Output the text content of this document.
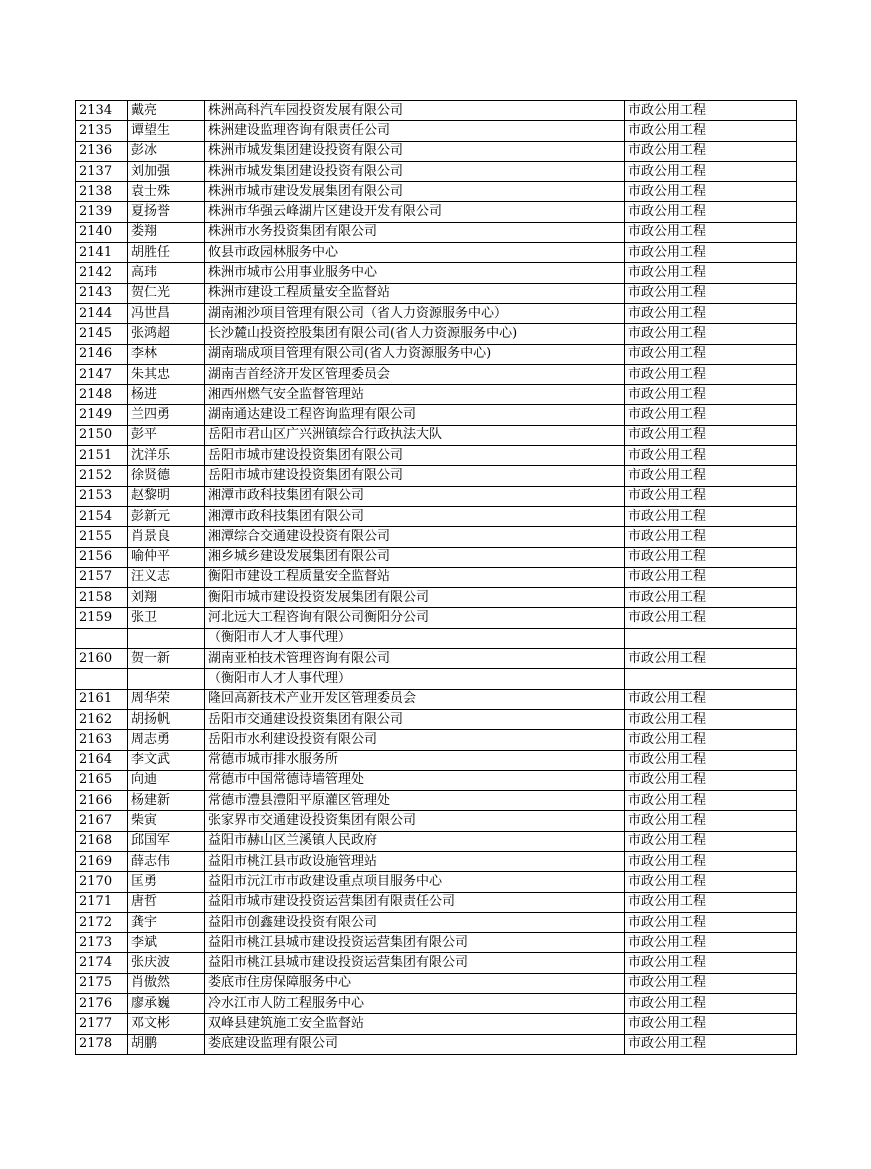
2134	戴亮	株洲高科汽车园投资发展有限公司	市政公用工程
2135	谭望生	株洲建设监理咨询有限责任公司	市政公用工程
2136	彭冰	株洲市城发集团建设投资有限公司	市政公用工程
2137	刘加强	株洲市城发集团建设投资有限公司	市政公用工程
2138	袁士殊	株洲市城市建设发展集团有限公司	市政公用工程
2139	夏扬誉	株洲市华强云峰湖片区建设开发有限公司	市政公用工程
2140	娄翔	株洲市水务投资集团有限公司	市政公用工程
2141	胡胜任	攸县市政园林服务中心	市政公用工程
2142	高玮	株洲市城市公用事业服务中心	市政公用工程
2143	贺仁光	株洲市建设工程质量安全监督站	市政公用工程
2144	冯世昌	湖南湘沙项目管理有限公司（省人力资源服务中心）	市政公用工程
2145	张鸿超	长沙麓山投资控股集团有限公司(省人力资源服务中心)	市政公用工程
2146	李林	湖南瑞成项目管理有限公司(省人力资源服务中心)	市政公用工程
2147	朱其忠	湖南吉首经济开发区管理委员会	市政公用工程
2148	杨进	湘西州燃气安全监督管理站	市政公用工程
2149	兰四勇	湖南通达建设工程咨询监理有限公司	市政公用工程
2150	彭平	岳阳市君山区广兴洲镇综合行政执法大队	市政公用工程
2151	沈洋乐	岳阳市城市建设投资集团有限公司	市政公用工程
2152	徐贤德	岳阳市城市建设投资集团有限公司	市政公用工程
2153	赵黎明	湘潭市政科技集团有限公司	市政公用工程
2154	彭新元	湘潭市政科技集团有限公司	市政公用工程
2155	肖景良	湘潭综合交通建设投资有限公司	市政公用工程
2156	喻仲平	湘乡城乡建设发展集团有限公司	市政公用工程
2157	汪义志	衡阳市建设工程质量安全监督站	市政公用工程
2158	刘翔	衡阳市城市建设投资发展集团有限公司	市政公用工程
2159	张卫	河北远大工程咨询有限公司衡阳分公司	市政公用工程
		（衡阳市人才人事代理）	
2160	贺一新	湖南亚柏技术管理咨询有限公司	市政公用工程
		（衡阳市人才人事代理）	
2161	周华荣	隆回高新技术产业开发区管理委员会	市政公用工程
2162	胡扬帆	岳阳市交通建设投资集团有限公司	市政公用工程
2163	周志勇	岳阳市水利建设投资有限公司	市政公用工程
2164	李文武	常德市城市排水服务所	市政公用工程
2165	向迪	常德市中国常德诗墙管理处	市政公用工程
2166	杨建新	常德市澧县澧阳平原灌区管理处	市政公用工程
2167	柴寅	张家界市交通建设投资集团有限公司	市政公用工程
2168	邱国军	益阳市赫山区兰溪镇人民政府	市政公用工程
2169	薛志伟	益阳市桃江县市政设施管理站	市政公用工程
2170	匡勇	益阳市沅江市市政建设重点项目服务中心	市政公用工程
2171	唐哲	益阳市城市建设投资运营集团有限责任公司	市政公用工程
2172	龚宇	益阳市创鑫建设投资有限公司	市政公用工程
2173	李斌	益阳市桃江县城市建设投资运营集团有限公司	市政公用工程
2174	张庆波	益阳市桃江县城市建设投资运营集团有限公司	市政公用工程
2175	肖傲然	娄底市住房保障服务中心	市政公用工程
2176	廖承巍	冷水江市人防工程服务中心	市政公用工程
2177	邓文彬	双峰县建筑施工安全监督站	市政公用工程
2178	胡鹏	娄底建设监理有限公司	市政公用工程
